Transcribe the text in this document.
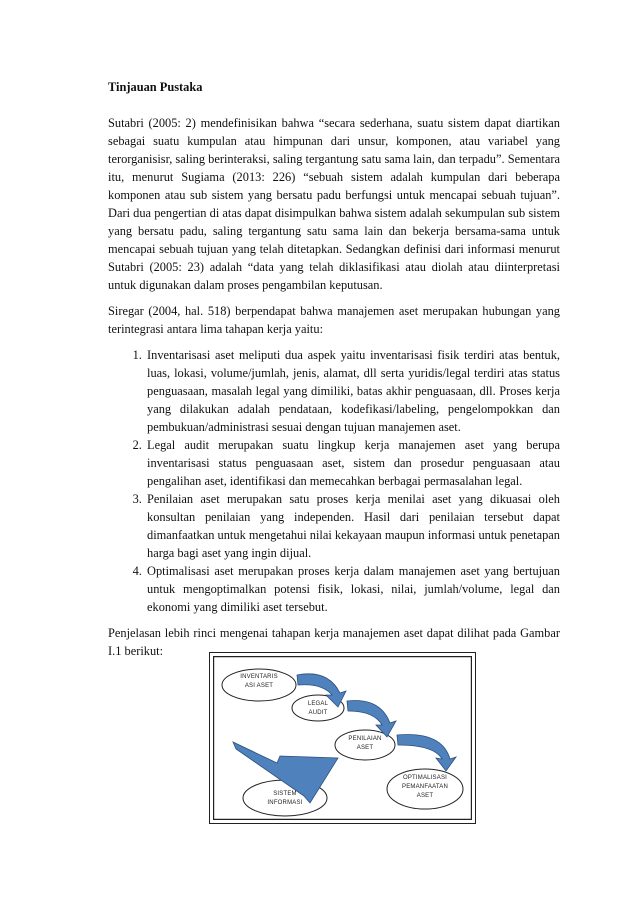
Tinjauan Pustaka

Sutabri (2005: 2) mendefinisikan bahwa “secara sederhana, suatu sistem dapat diartikan sebagai suatu kumpulan atau himpunan dari unsur, komponen, atau variabel yang terorganisisr, saling berinteraksi, saling tergantung satu sama lain, dan terpadu”. Sementara itu, menurut Sugiama (2013: 226) “sebuah sistem adalah kumpulan dari beberapa komponen atau sub sistem yang bersatu padu berfungsi untuk mencapai sebuah tujuan”. Dari dua pengertian di atas dapat disimpulkan bahwa sistem adalah sekumpulan sub sistem yang bersatu padu, saling tergantung satu sama lain dan bekerja bersama-sama untuk mencapai sebuah tujuan yang telah ditetapkan. Sedangkan definisi dari informasi menurut Sutabri (2005: 23) adalah “data yang telah diklasifikasi atau diolah atau diinterpretasi untuk digunakan dalam proses pengambilan keputusan.

Siregar (2004, hal. 518) berpendapat bahwa manajemen aset merupakan hubungan yang terintegrasi antara lima tahapan kerja yaitu:

1. Inventarisasi aset meliputi dua aspek yaitu inventarisasi fisik terdiri atas bentuk, luas, lokasi, volume/jumlah, jenis, alamat, dll serta yuridis/legal terdiri atas status penguasaan, masalah legal yang dimiliki, batas akhir penguasaan, dll. Proses kerja yang dilakukan adalah pendataan, kodefikasi/labeling, pengelompokkan dan pembukuan/administrasi sesuai dengan tujuan manajemen aset.
2. Legal audit merupakan suatu lingkup kerja manajemen aset yang berupa inventarisasi status penguasaan aset, sistem dan prosedur penguasaan atau pengalihan aset, identifikasi dan memecahkan berbagai permasalahan legal.
3. Penilaian aset merupakan satu proses kerja menilai aset yang dikuasai oleh konsultan penilaian yang independen. Hasil dari penilaian tersebut dapat dimanfaatkan untuk mengetahui nilai kekayaan maupun informasi untuk penetapan harga bagi aset yang ingin dijual.
4. Optimalisasi aset merupakan proses kerja dalam manajemen aset yang bertujuan untuk mengoptimalkan potensi fisik, lokasi, nilai, jumlah/volume, legal dan ekonomi yang dimiliki aset tersebut.

Penjelasan lebih rinci mengenai tahapan kerja manajemen aset dapat dilihat pada Gambar I.1 berikut:

INVENTARIS
ASI ASET
LEGAL
AUDIT
PENILAIAN
ASET
OPTIMALISASI
PEMANFAATAN
ASET
SISTEM
INFORMASI
